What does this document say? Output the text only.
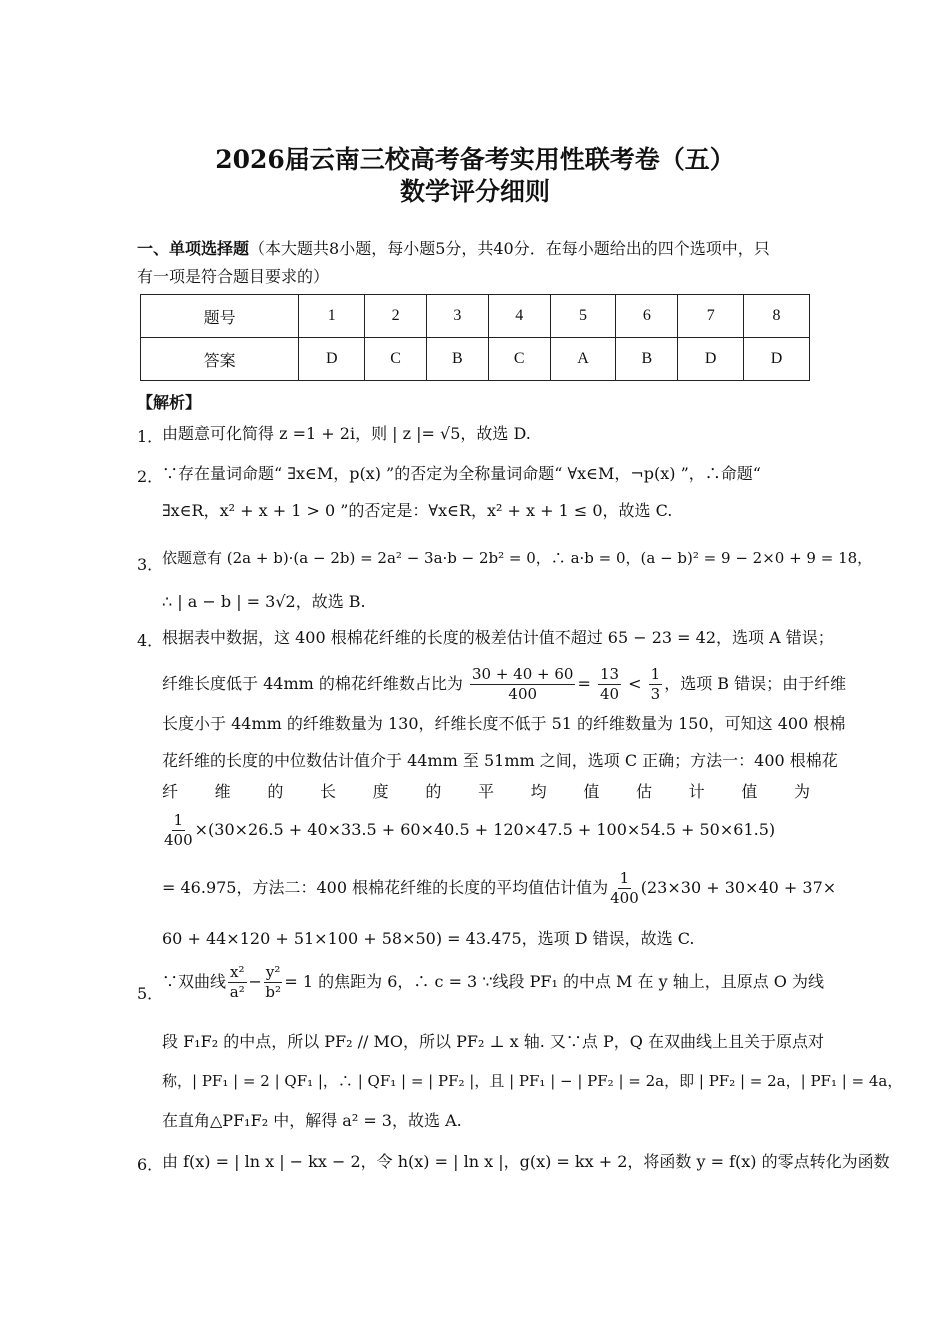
2026届云南三校高考备考实用性联考卷（五）
数学评分细则
一、单项选择题（本大题共8小题，每小题5分，共40分．在每小题给出的四个选项中，只
有一项是符合题目要求的）
题号	1	2	3	4	5	6	7	8
答案	D	C	B	C	A	B	D	D
【解析】
1．
由题意可化简得 z =1 + 2i，则 | z |= √5，故选 D.
2．
∵存在量词命题“ ∃x∈M，p(x) ”的否定为全称量词命题“ ∀x∈M，¬p(x) ”，∴命题“
∃x∈R，x² + x + 1 > 0 ”的否定是：∀x∈R，x² + x + 1 ≤ 0，故选 C.
3．
依题意有 (2a + b)·(a − 2b) = 2a² − 3a·b − 2b² = 0，∴ a·b = 0，(a − b)² = 9 − 2×0 + 9 = 18，
∴ | a − b | = 3√2，故选 B.
4．
根据表中数据，这 400 根棉花纤维的长度的极差估计值不超过 65 − 23 = 42，选项 A 错误；
纤维长度低于 44mm 的棉花纤维数占比为 $\frac{30 + 40 + 60}{400} = \frac{13}{40} < \frac{1}{3}$ ，选项 B 错误；由于纤维
长度小于 44mm 的纤维数量为 130，纤维长度不低于 51 的纤维数量为 150，可知这 400 根棉
花纤维的长度的中位数估计值介于 44mm 至 51mm 之间，选项 C 正确；方法一：400 根棉花
纤 维 的 长 度 的 平 均 值 估 计 值 为
$\frac{1}{400} \times(30\times 26.5 + 40\times 33.5 + 60\times 40.5 + 120\times 47.5 + 100\times 54.5 + 50\times 61.5)$
= 46.975，方法二：400 根棉花纤维的长度的平均值估计值为 $\frac{1}{400} (23\times 30 + 30\times 40 + 37\times$
60 + 44×120 + 51×100 + 58×50) = 43.475，选项 D 错误，故选 C.
5．
∵双曲线 $\frac{\text{x²}}{\text{a²}} - \frac{\text{y²}}{\text{b²}} = 1$ 的焦距为 6，∴ c = 3 ∵线段 PF₁ 的中点 M 在 y 轴上，且原点 O 为线
段 F₁F₂ 的中点，所以 PF₂ // MO，所以 PF₂ ⊥ x 轴. 又∵点 P，Q 在双曲线上且关于原点对
称，| PF₁ | = 2 | QF₁ |，∴ | QF₁ | = | PF₂ |，且 | PF₁ | − | PF₂ | = 2a，即 | PF₂ | = 2a，| PF₁ | = 4a，
在直角△PF₁F₂ 中，解得 a² = 3，故选 A.
6．
由 f(x) = | ln x | − kx − 2，令 h(x) = | ln x |，g(x) = kx + 2，将函数 y = f(x) 的零点转化为函数
